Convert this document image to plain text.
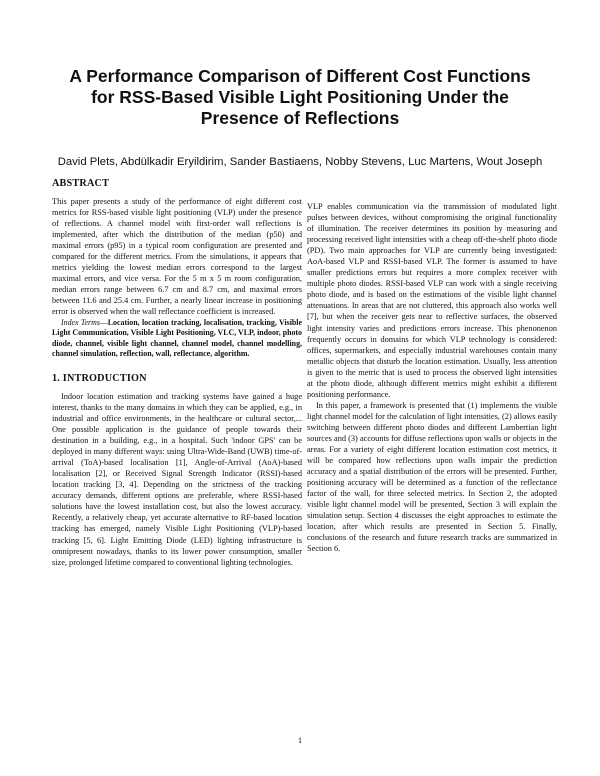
A Performance Comparison of Different Cost Functions
for RSS-Based Visible Light Positioning Under the
Presence of Reflections
David Plets, Abdülkadir Eryildirim, Sander Bastiaens, Nobby Stevens, Luc Martens, Wout Joseph
ABSTRACT

This paper presents a study of the performance of eight different cost metrics for RSS-based visible light positioning (VLP) under the presence of reflections. A channel model with first-order wall reflections is implemented, after which the distribution of the median (p50) and maximal errors (p95) in a typical room configuration are presented and compared for the different metrics. From the simulations, it appears that metrics yielding the lowest median errors correspond to the largest maximal errors, and vice versa. For the 5 m x 5 m room configuration, median errors range between 6.7 cm and 8.7 cm, and maximal errors between 11.6 and 25.4 cm. Further, a nearly linear increase in positioning error is observed when the wall reflectance coefficient is increased.

Index Terms—Location, location tracking, localisation, tracking, Visible Light Communication, Visible Light Positioning, VLC, VLP, indoor, photo diode, channel, visible light channel, channel model, channel modelling, channel simulation, reflection, wall, reflectance, algorithm.

1. INTRODUCTION

Indoor location estimation and tracking systems have gained a huge interest, thanks to the many domains in which they can be applied, e.g., in industrial and office environments, in the healthcare or cultural sector,... One possible application is the guidance of people towards their destination in a building, e.g., in a hospital. Such 'indoor GPS' can be deployed in many different ways: using Ultra-Wide-Band (UWB) time-of-arrival (ToA)-based localisation [1], Angle-of-Arrival (AoA)-based localisation [2], or Received Signal Strength Indicator (RSSI)-based location tracking [3, 4]. Depending on the strictness of the tracking accuracy demands, different options are preferable, where RSSI-based solutions have the lowest installation cost, but also the lowest accuracy. Recently, a relatively cheap, yet accurate alternative to RF-based location tracking has emerged, namely Visible Light Positioning (VLP)-based tracking [5, 6]. Light Emitting Diode (LED) lighting infrastructure is omnipresent nowadays, thanks to its lower power consumption, smaller size, prolonged lifetime compared to conventional lighting technologies.

VLP enables communication via the transmission of modulated light pulses between devices, without compromising the original functionality of illumination. The receiver determines its position by measuring and processing received light intensities with a cheap off-the-shelf photo diode (PD). Two main approaches for VLP are currently being investigated: AoA-based VLP and RSSI-based VLP. The former is assumed to have smaller predictions errors but requires a more complex receiver with multiple photo diodes. RSSI-based VLP can work with a single receiving photo diode, and is based on the estimations of the visible light channel attenuations. In areas that are not cluttered, this approach also works well [7], but when the receiver gets near to reflective surfaces, the observed light intensity varies and predictions errors increase. This phenonenon frequently occurs in domains for which VLP technology is considered: offices, supermarkets, and especially industrial warehouses contain many metallic objects that disturb the location estimation. Usually, less attention is given to the metric that is used to process the observed light intensities at the photo diode, although different metrics might exhibit a different positioning performance.

In this paper, a framework is presented that (1) implements the visible light channel model for the calculation of light intensities, (2) allows easily switching between different photo diodes and different Lambertian light sources and (3) accounts for diffuse reflections upon walls or objects in the areas. For a variety of eight different location estimation cost metrics, it will be compared how reflections upon walls impair the prediction accuracy and a spatial distribution of the errors will be presented. Further, positioning accuracy will be determined as a function of the reflectance factor of the wall, for three selected metrics. In Section 2, the adopted visible light channel model will be presented, Section 3 will explain the simulation setup. Section 4 discusses the eight approaches to estimate the location, after which results are presented in Section 5. Finally, conclusions of the research and future research tracks are summarized in Section 6.

1
